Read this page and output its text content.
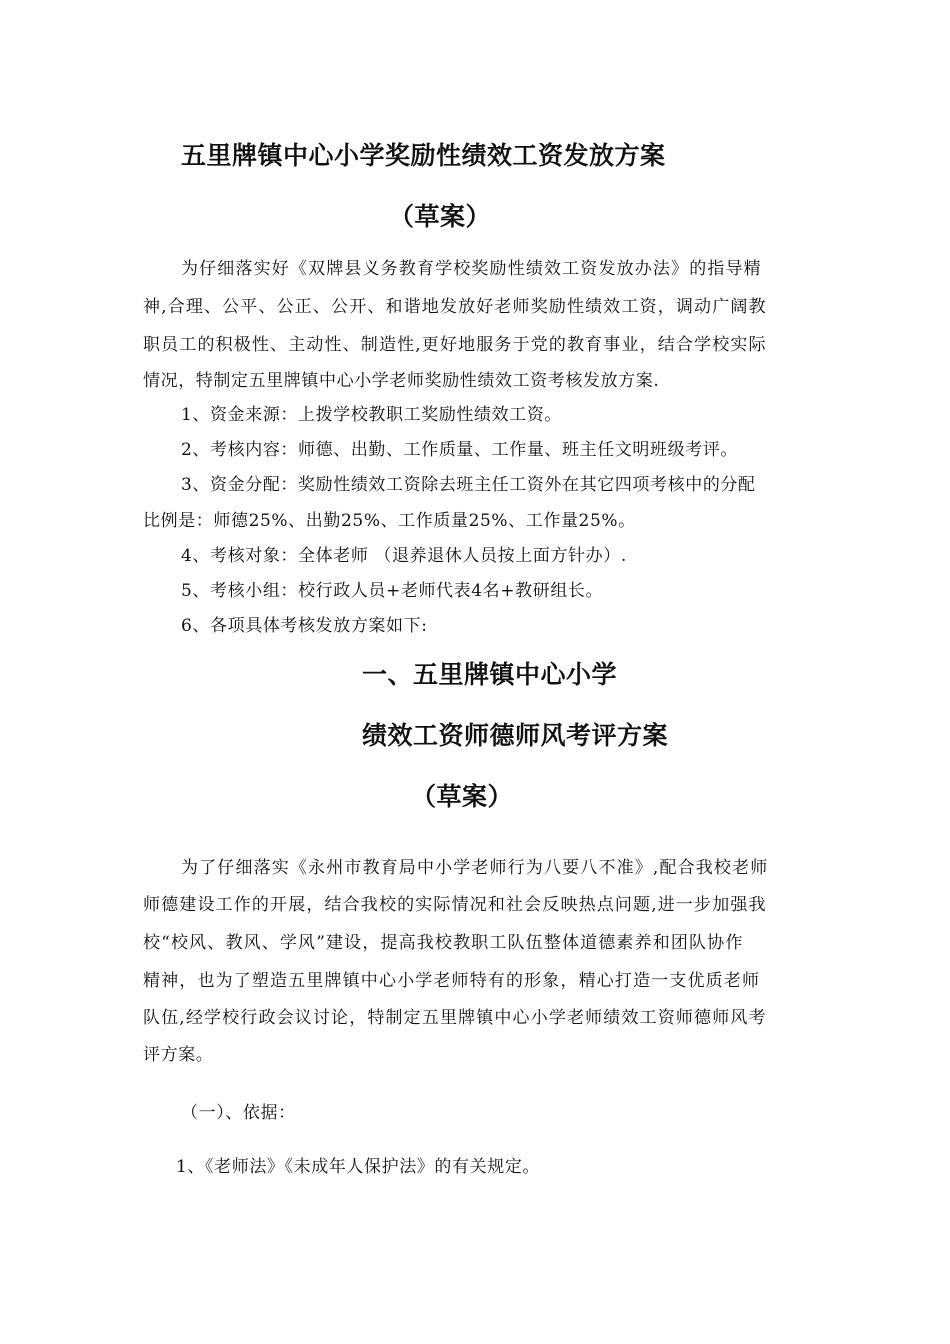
五里牌镇中心小学奖励性绩效工资发放方案
（草案）

为仔细落实好《双牌县义务教育学校奖励性绩效工资发放办法》的指导精

神,合理、公平、公正、公开、和谐地发放好老师奖励性绩效工资，调动广阔教

职员工的积极性、主动性、制造性,更好地服务于党的教育事业，结合学校实际

情况，特制定五里牌镇中心小学老师奖励性绩效工资考核发放方案.

1、资金来源：上拨学校教职工奖励性绩效工资。

2、考核内容：师德、出勤、工作质量、工作量、班主任文明班级考评。

3、资金分配：奖励性绩效工资除去班主任工资外在其它四项考核中的分配

比例是：师德25%、出勤25%、工作质量25%、工作量25%。

4、考核对象：全体老师 （退养退休人员按上面方针办）.

5、考核小组：校行政人员+老师代表4名+教研组长。

6、各项具体考核发放方案如下:

一、五里牌镇中心小学
绩效工资师德师风考评方案
（草案）

为了仔细落实《永州市教育局中小学老师行为八要八不准》,配合我校老师

师德建设工作的开展，结合我校的实际情况和社会反映热点问题,进一步加强我

校“校风、教风、学风”建设，提高我校教职工队伍整体道德素养和团队协作

精神，也为了塑造五里牌镇中心小学老师特有的形象，精心打造一支优质老师

队伍,经学校行政会议讨论，特制定五里牌镇中心小学老师绩效工资师德师风考

评方案。

（一）、依据：

1、《老师法》《未成年人保护法》的有关规定。
